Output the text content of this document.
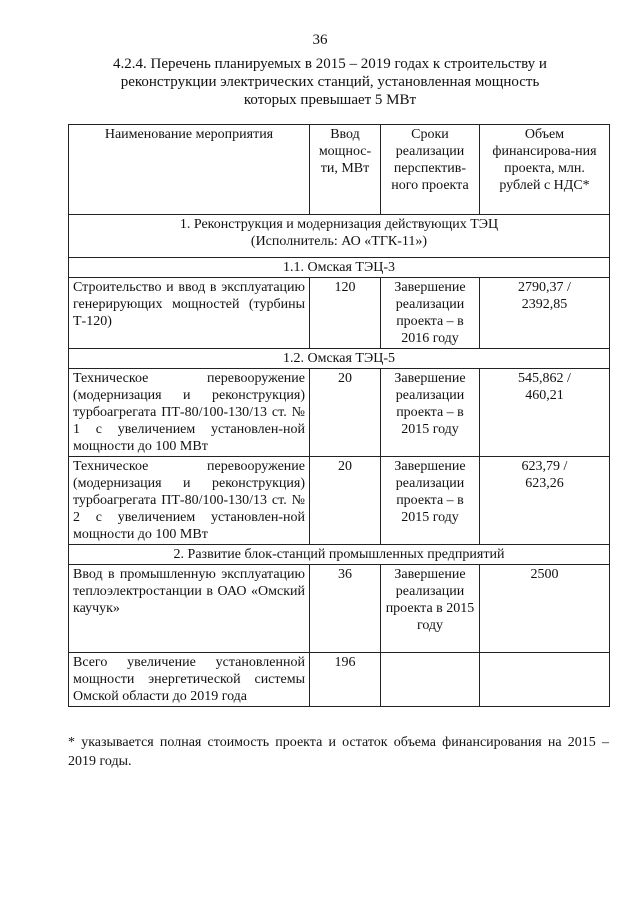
36
4.2.4. Перечень планируемых в 2015 – 2019 годах к строительству и
реконструкции электрических станций, установленная мощность
которых превышает 5 МВт
Наименование мероприятия	Ввод мощнос-ти, МВт	Сроки реализации перспектив-ного проекта	Объем финансирова-ния проекта, млн. рублей с НДС*

1. Реконструкция и модернизация действующих ТЭЦ
(Исполнитель: АО «ТГК-11»)			

1.1. Омская ТЭЦ-3			
Строительство и ввод в эксплуатацию генерирующих мощностей (турбины Т-120)	120	Завершение реализации проекта – в 2016 году	2790,37 /
2392,85

1.2. Омская ТЭЦ-5			
Техническое перевооружение (модернизация и реконструкция) турбоагрегата ПТ-80/100-130/13 ст. № 1 с увеличением установлен-ной мощности до 100 МВт	20	Завершение реализации проекта – в 2015 году	545,862 /
460,21

Техническое перевооружение (модернизация и реконструкция) турбоагрегата ПТ-80/100-130/13 ст. № 2 с увеличением установлен-ной мощности до 100 МВт	20	Завершение реализации проекта – в 2015 году	623,79 /
623,26

2. Развитие блок-станций промышленных предприятий			

Ввод в промышленную эксплуатацию теплоэлектростанции в ОАО «Омский каучук»	36	Завершение реализации проекта в 2015 году	2500
Всего увеличение установленной мощности энергетической системы Омской области до 2019 года	196		
* указывается полная стоимость проекта и остаток объема финансирования на 2015 – 2019 годы.
